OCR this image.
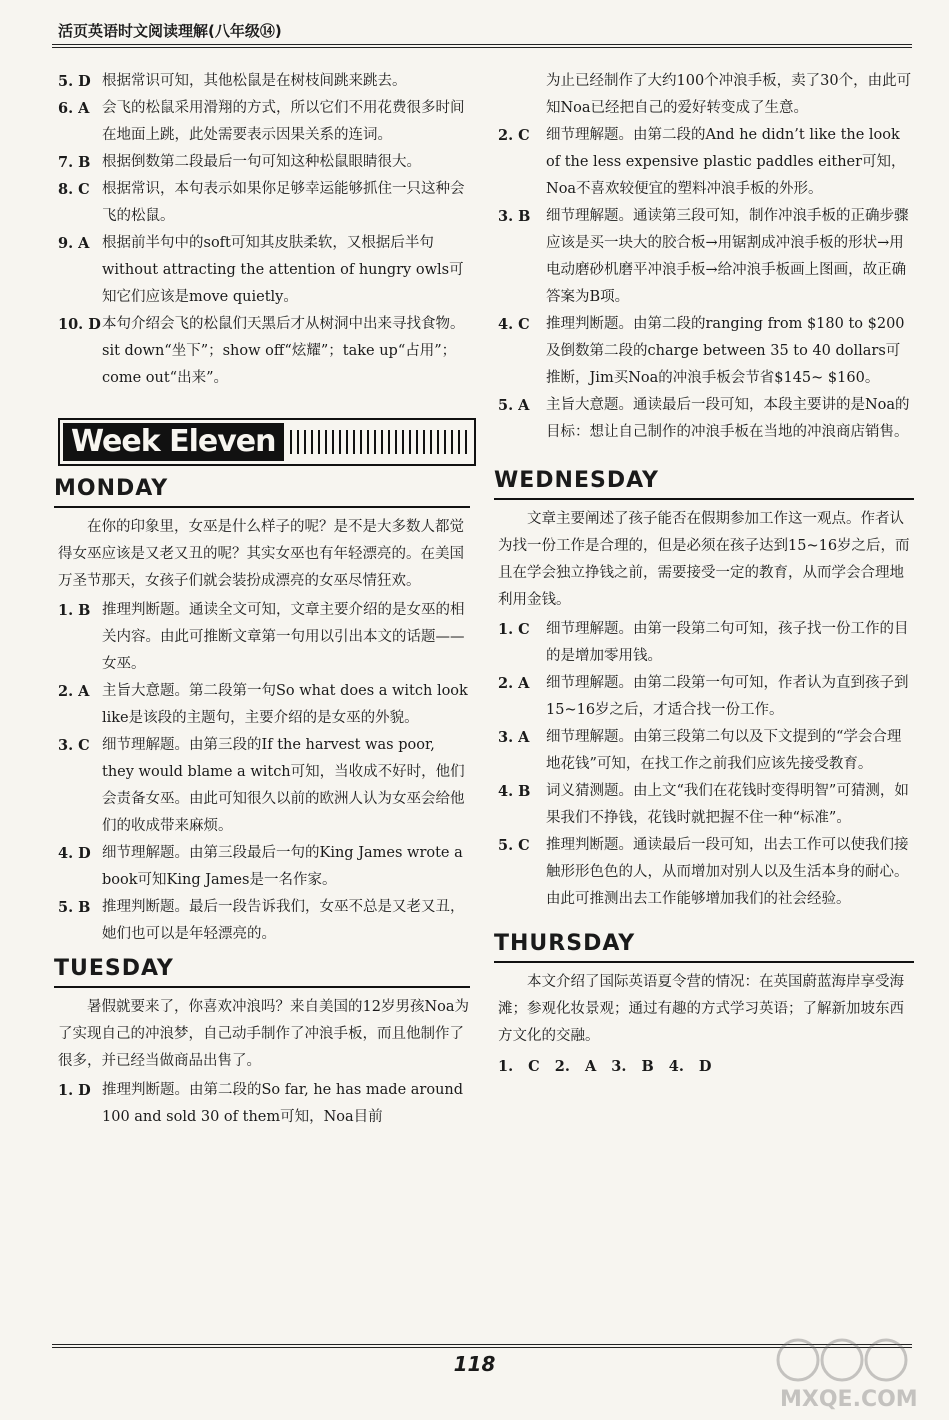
活页英语时文阅读理解(八年级⑭)
5. D 根据常识可知，其他松鼠是在树枝间跳来跳去。
6. A 会飞的松鼠采用滑翔的方式，所以它们不用花费很多时间在地面上跳，此处需要表示因果关系的连词。
7. B 根据倒数第二段最后一句可知这种松鼠眼睛很大。
8. C 根据常识，本句表示如果你足够幸运能够抓住一只这种会飞的松鼠。
9. A 根据前半句中的soft可知其皮肤柔软，又根据后半句without attracting the attention of hungry owls可知它们应该是move quietly。
10. D 本句介绍会飞的松鼠们天黑后才从树洞中出来寻找食物。sit down“坐下”；show off“炫耀”；take up“占用”；come out“出来”。
Week Eleven
MONDAY

在你的印象里，女巫是什么样子的呢？是不是大多数人都觉得女巫应该是又老又丑的呢？其实女巫也有年轻漂亮的。在美国万圣节那天，女孩子们就会装扮成漂亮的女巫尽情狂欢。

1. B 推理判断题。通读全文可知，文章主要介绍的是女巫的相关内容。由此可推断文章第一句用以引出本文的话题——女巫。
2. A 主旨大意题。第二段第一句So what does a witch look like是该段的主题句，主要介绍的是女巫的外貌。
3. C 细节理解题。由第三段的If the harvest was poor, they would blame a witch可知，当收成不好时，他们会责备女巫。由此可知很久以前的欧洲人认为女巫会给他们的收成带来麻烦。
4. D 细节理解题。由第三段最后一句的King James wrote a book可知King James是一名作家。
5. B 推理判断题。最后一段告诉我们，女巫不总是又老又丑，她们也可以是年轻漂亮的。
TUESDAY

暑假就要来了，你喜欢冲浪吗？来自美国的12岁男孩Noa为了实现自己的冲浪梦，自己动手制作了冲浪手板，而且他制作了很多，并已经当做商品出售了。

1. D 推理判断题。由第二段的So far, he has made around 100 and sold 30 of them可知，Noa目前
为止已经制作了大约100个冲浪手板，卖了30个，由此可知Noa已经把自己的爱好转变成了生意。
2. C	细节理解题。由第二段的And he didn’t like the look of the less expensive plastic paddles either可知，Noa不喜欢较便宜的塑料冲浪手板的外形。
3. B	细节理解题。通读第三段可知，制作冲浪手板的正确步骤应该是买一块大的胶合板→用锯割成冲浪手板的形状→用电动磨砂机磨平冲浪手板→给冲浪手板画上图画，故正确答案为B项。
4. C	推理判断题。由第二段的ranging from $180 to $200及倒数第二段的charge between 35 to 40 dollars可推断，Jim买Noa的冲浪手板会节省$145~ $160。
5. A	主旨大意题。通读最后一段可知，本段主要讲的是Noa的目标：想让自己制作的冲浪手板在当地的冲浪商店销售。
WEDNESDAY

文章主要阐述了孩子能否在假期参加工作这一观点。作者认为找一份工作是合理的，但是必须在孩子达到15~16岁之后，而且在学会独立挣钱之前，需要接受一定的教育，从而学会合理地利用金钱。

1. C	细节理解题。由第一段第二句可知，孩子找一份工作的目的是增加零用钱。
2. A	细节理解题。由第二段第一句可知，作者认为直到孩子到15~16岁之后，才适合找一份工作。
3. A	细节理解题。由第三段第二句以及下文提到的“学会合理地花钱”可知，在找工作之前我们应该先接受教育。
4. B	词义猜测题。由上文“我们在花钱时变得明智”可猜测，如果我们不挣钱，花钱时就把握不住一种“标准”。
5. C	推理判断题。通读最后一段可知，出去工作可以使我们接触形形色色的人，从而增加对别人以及生活本身的耐心。由此可推测出去工作能够增加我们的社会经验。
THURSDAY

本文介绍了国际英语夏令营的情况：在英国蔚蓝海岸享受海滩；参观化妆景观；通过有趣的方式学习英语；了解新加坡东西方文化的交融。

1. C 2. A 3. B 4. D
118
MXQE.COM
